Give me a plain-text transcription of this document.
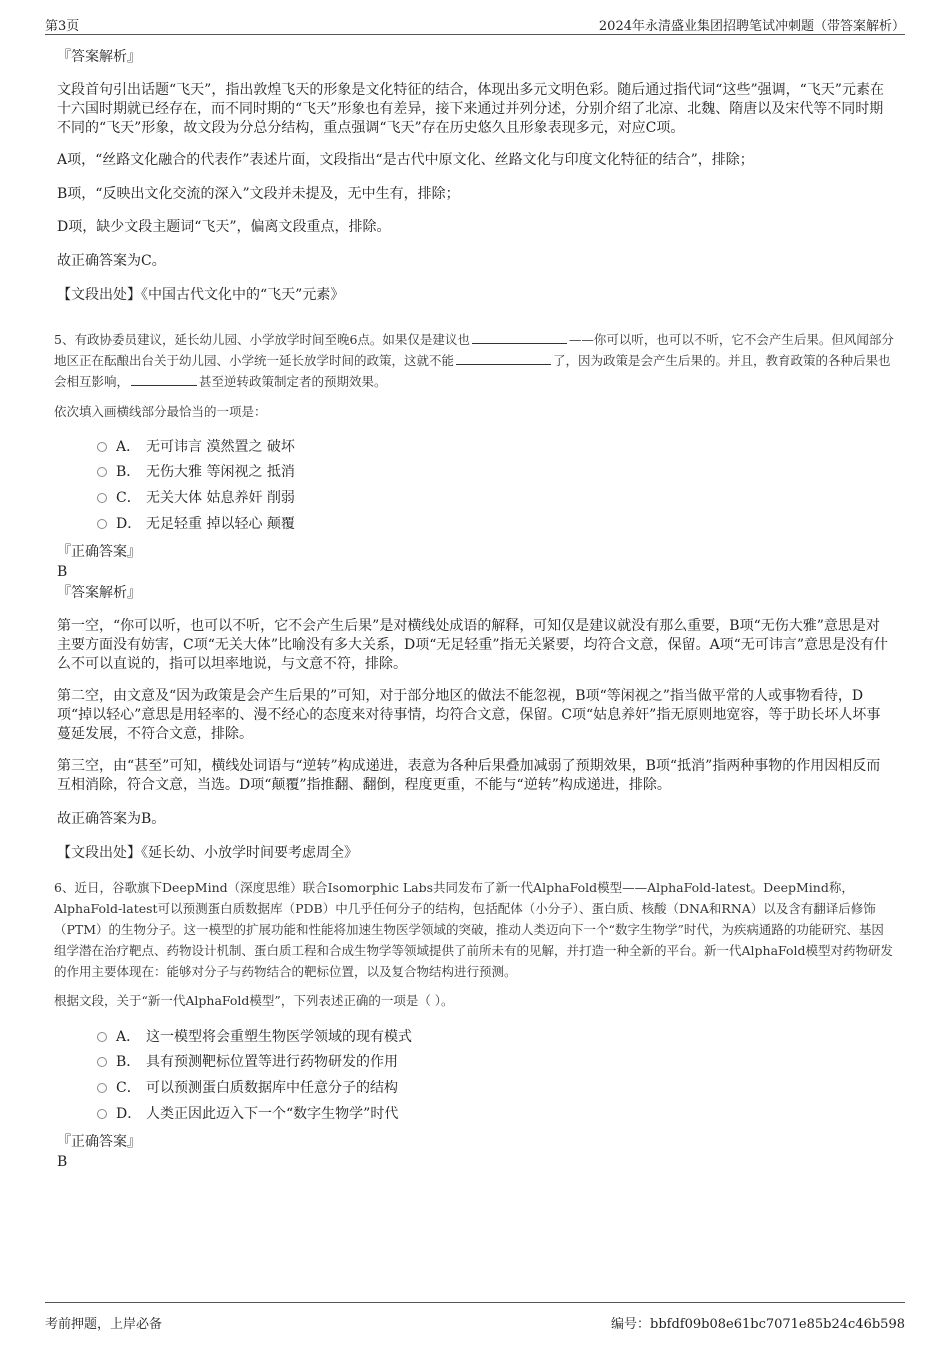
第3页	2024年永清盛业集团招聘笔试冲刺题（带答案解析）
『答案解析』

文段首句引出话题“飞天”，指出敦煌飞天的形象是文化特征的结合，体现出多元文明色彩。随后通过指代词“这些”强调，“飞天”元素在十六国时期就已经存在，而不同时期的“飞天”形象也有差异，接下来通过并列分述，分别介绍了北凉、北魏、隋唐以及宋代等不同时期不同的“飞天”形象，故文段为分总分结构，重点强调“飞天”存在历史悠久且形象表现多元，对应C项。

A项，“丝路文化融合的代表作”表述片面，文段指出“是古代中原文化、丝路文化与印度文化特征的结合”，排除；

B项，“反映出文化交流的深入”文段并未提及，无中生有，排除；

D项，缺少文段主题词“飞天”，偏离文段重点，排除。

故正确答案为C。

【文段出处】《中国古代文化中的“飞天”元素》

5、有政协委员建议，延长幼儿园、小学放学时间至晚6点。如果仅是建议也	——你可以听，也可以不听，它不会产生后果。但风闻部分地区正在酝酿出台关于幼儿园、小学统一延长放学时间的政策，这就不能	了，因为政策是会产生后果的。并且，教育政策的各种后果也会相互影响，	甚至逆转政策制定者的预期效果。

依次填入画横线部分最恰当的一项是：

A． 无可讳言 漠然置之 破坏
B． 无伤大雅 等闲视之 抵消
C． 无关大体 姑息养奸 削弱
D． 无足轻重 掉以轻心 颠覆
『正确答案』
B
『答案解析』

第一空，“你可以听，也可以不听，它不会产生后果”是对横线处成语的解释，可知仅是建议就没有那么重要，B项“无伤大雅”意思是对主要方面没有妨害，C项“无关大体”比喻没有多大关系，D项“无足轻重”指无关紧要，均符合文意，保留。A项“无可讳言”意思是没有什么不可以直说的，指可以坦率地说，与文意不符，排除。

第二空，由文意及“因为政策是会产生后果的”可知，对于部分地区的做法不能忽视，B项“等闲视之”指当做平常的人或事物看待，D项“掉以轻心”意思是用轻率的、漫不经心的态度来对待事情，均符合文意，保留。C项“姑息养奸”指无原则地宽容，等于助长坏人坏事蔓延发展，不符合文意，排除。

第三空，由“甚至”可知，横线处词语与“逆转”构成递进，表意为各种后果叠加减弱了预期效果，B项“抵消”指两种事物的作用因相反而互相消除，符合文意，当选。D项“颠覆”指推翻、翻倒，程度更重，不能与“逆转”构成递进，排除。

故正确答案为B。

【文段出处】《延长幼、小放学时间要考虑周全》

6、近日，谷歌旗下DeepMind（深度思维）联合Isomorphic Labs共同发布了新一代AlphaFold模型——AlphaFold-latest。DeepMind称，AlphaFold-latest可以预测蛋白质数据库（PDB）中几乎任何分子的结构，包括配体（小分子）、蛋白质、核酸（DNA和RNA）以及含有翻译后修饰（PTM）的生物分子。这一模型的扩展功能和性能将加速生物医学领域的突破，推动人类迈向下一个“数字生物学”时代，为疾病通路的功能研究、基因组学潜在治疗靶点、药物设计机制、蛋白质工程和合成生物学等领域提供了前所未有的见解，并打造一种全新的平台。新一代AlphaFold模型对药物研发的作用主要体现在：能够对分子与药物结合的靶标位置，以及复合物结构进行预测。

根据文段，关于“新一代AlphaFold模型”，下列表述正确的一项是（ ）。

A． 这一模型将会重塑生物医学领域的现有模式
B． 具有预测靶标位置等进行药物研发的作用
C． 可以预测蛋白质数据库中任意分子的结构
D． 人类正因此迈入下一个“数字生物学”时代
『正确答案』
B
考前押题，上岸必备	编号：bbfdf09b08e61bc7071e85b24c46b598
